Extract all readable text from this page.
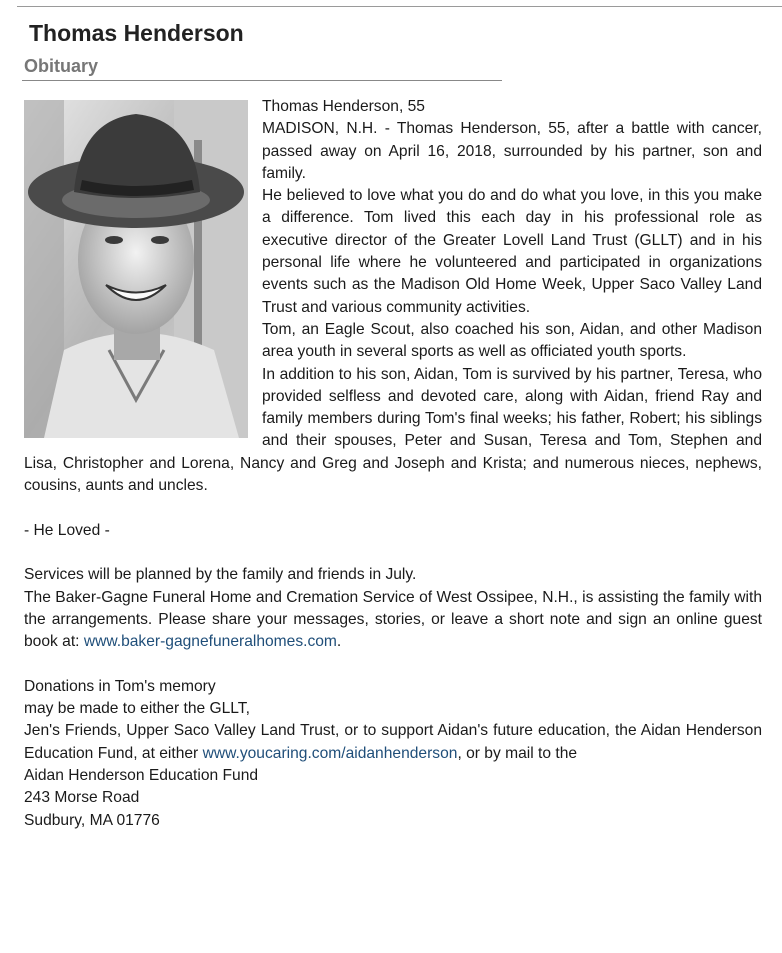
Thomas Henderson
Obituary

Thomas Henderson, 55

MADISON, N.H. - Thomas Henderson, 55, after a battle with cancer, passed away on April 16, 2018, surrounded by his partner, son and family.

He believed to love what you do and do what you love, in this you make a difference. Tom lived this each day in his professional role as executive director of the Greater Lovell Land Trust (GLLT) and in his personal life where he volunteered and participated in organizations events such as the Madison Old Home Week, Upper Saco Valley Land Trust and various community activities.

Tom, an Eagle Scout, also coached his son, Aidan, and other Madison area youth in several sports as well as officiated youth sports.

In addition to his son, Aidan, Tom is survived by his partner, Teresa, who provided selfless and devoted care, along with Aidan, friend Ray and family members during Tom's final weeks; his father, Robert; his siblings and their spouses, Peter and Susan, Teresa and Tom, Stephen and Lisa, Christopher and Lorena, Nancy and Greg and Joseph and Krista; and numerous nieces, nephews, cousins, aunts and uncles.

- He Loved -

Services will be planned by the family and friends in July.

The Baker-Gagne Funeral Home and Cremation Service of West Ossipee, N.H., is assisting the family with the arrangements. Please share your messages, stories, or leave a short note and sign an online guest book at: www.baker-gagnefuneralhomes.com.

Donations in Tom's memory

may be made to either the GLLT,

Jen's Friends, Upper Saco Valley Land Trust, or to support Aidan's future education, the Aidan Henderson Education Fund, at either www.youcaring.com/aidanhenderson, or by mail to the

Aidan Henderson Education Fund

243 Morse Road

Sudbury, MA 01776
